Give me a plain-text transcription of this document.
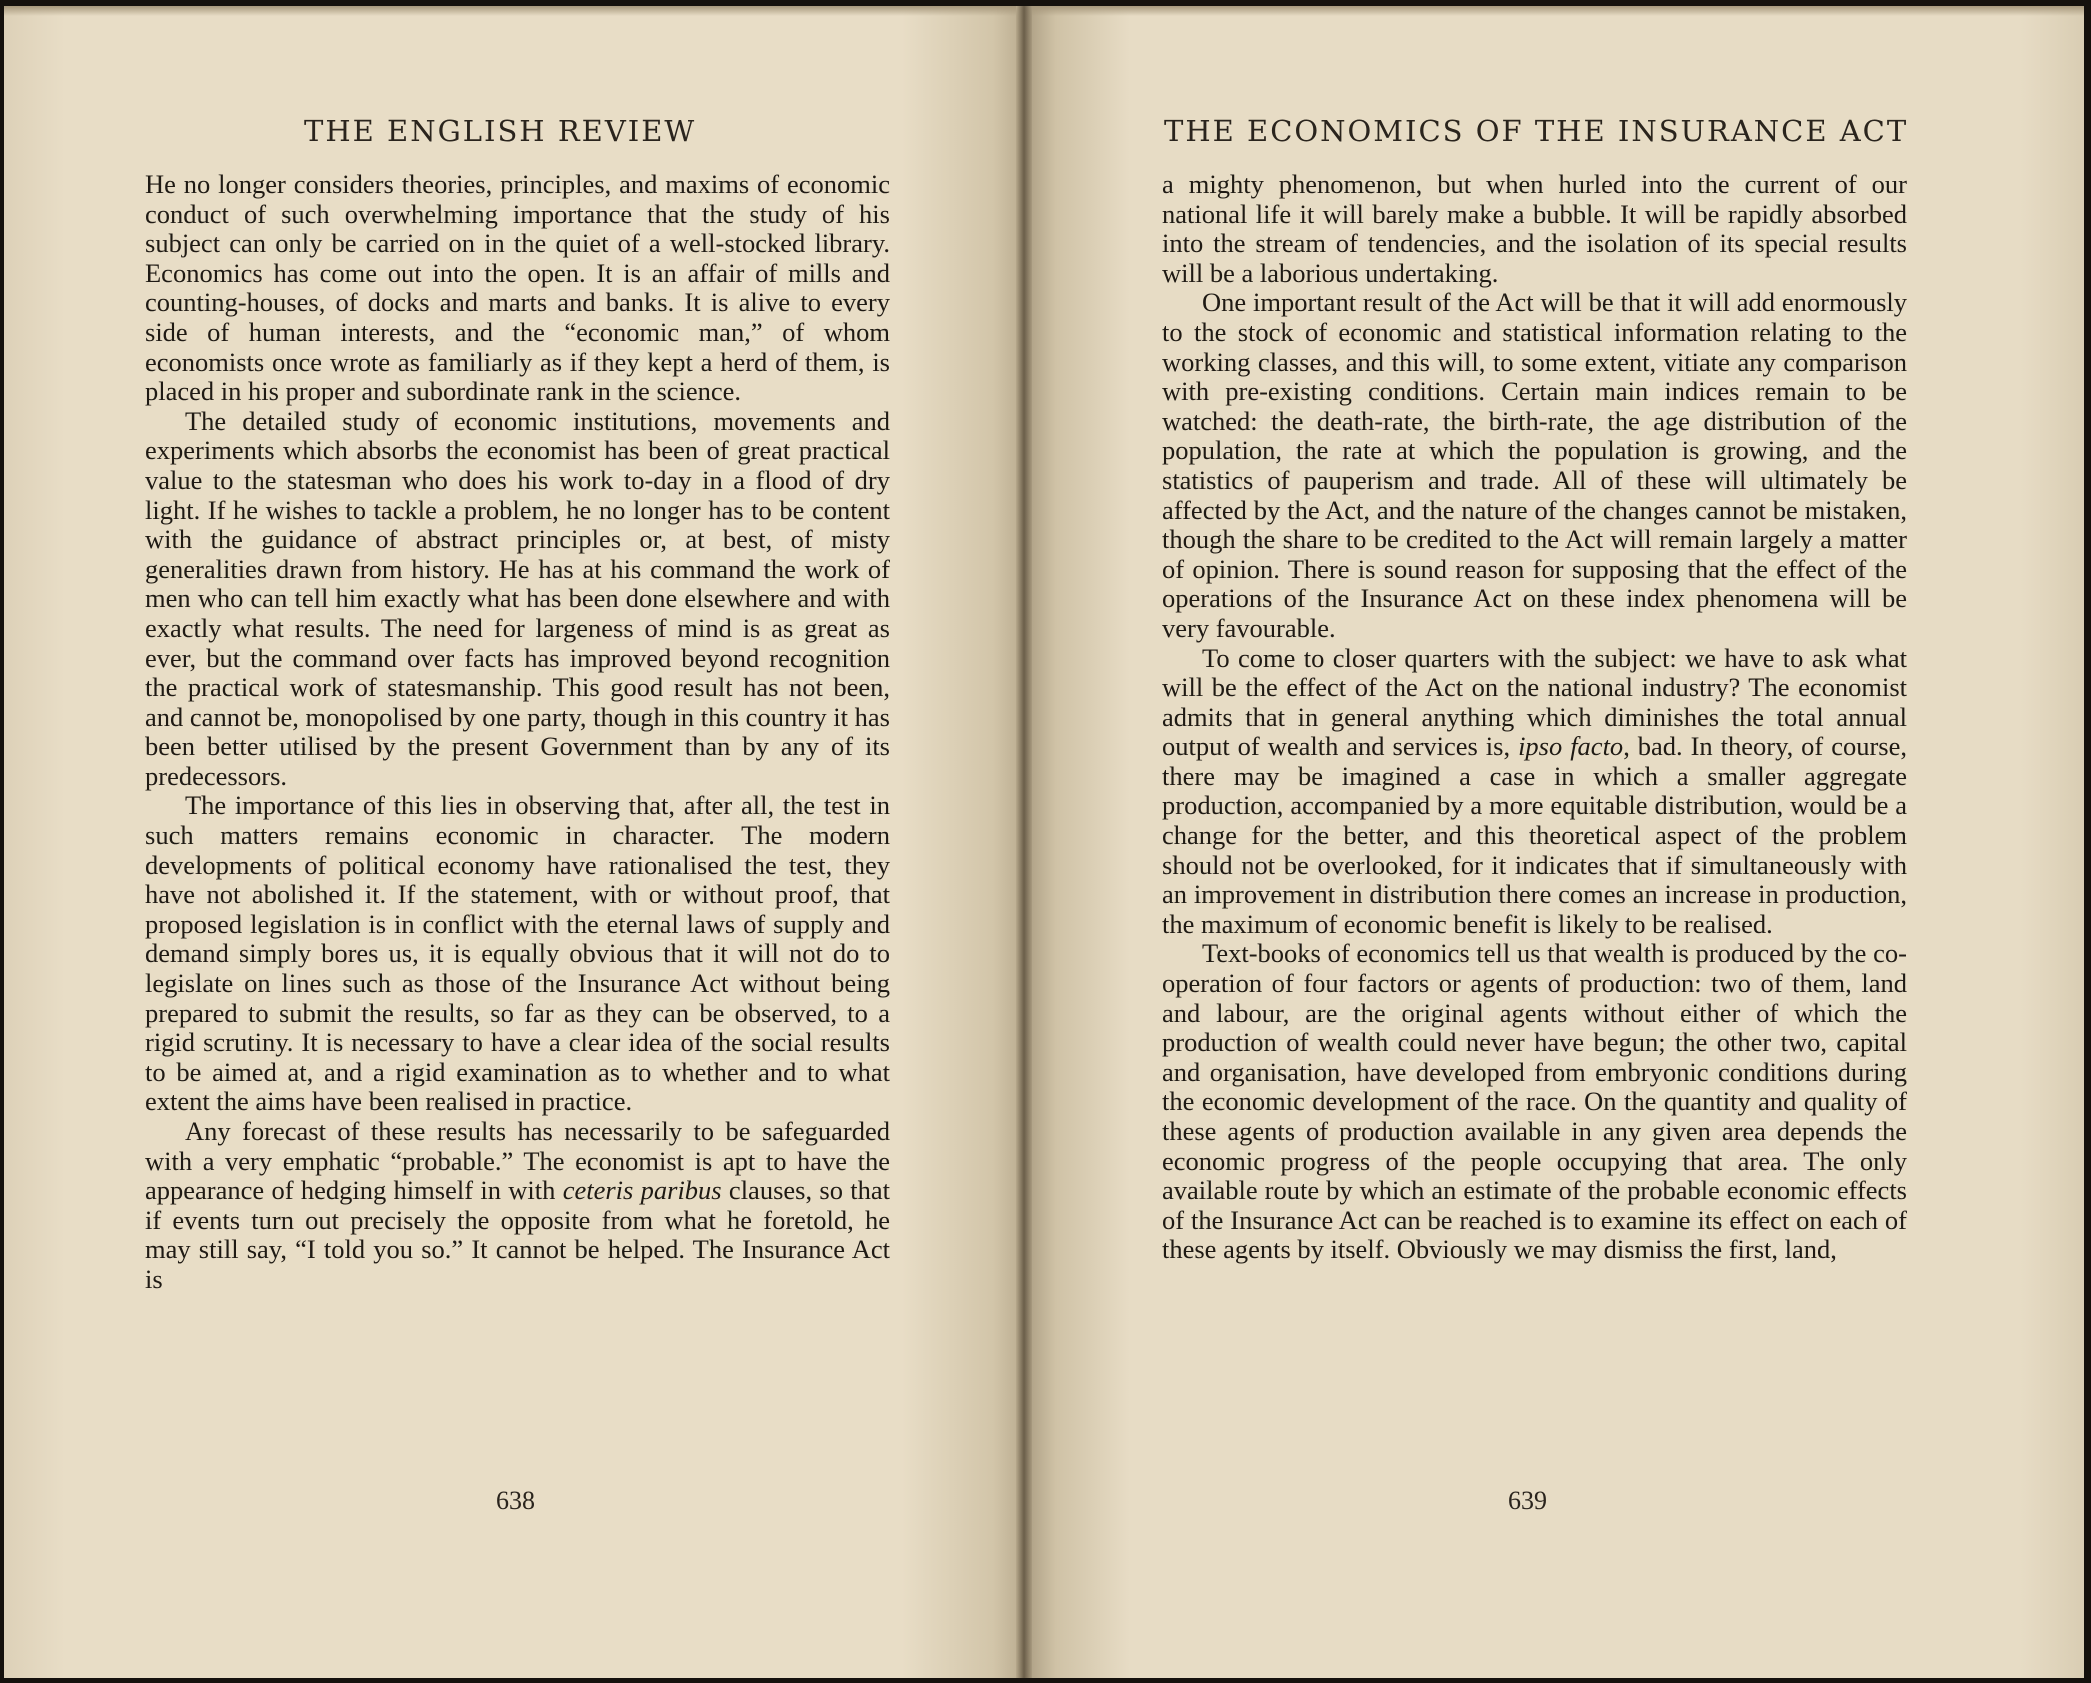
THE ENGLISH REVIEW

He no longer considers theories, principles, and maxims of economic conduct of such overwhelming importance that the study of his subject can only be carried on in the quiet of a well-stocked library. Economics has come out into the open. It is an affair of mills and counting-houses, of docks and marts and banks. It is alive to every side of human interests, and the “economic man,” of whom economists once wrote as familiarly as if they kept a herd of them, is placed in his proper and subordinate rank in the science.

The detailed study of economic institutions, movements and experiments which absorbs the economist has been of great practical value to the statesman who does his work to-day in a flood of dry light. If he wishes to tackle a problem, he no longer has to be content with the guidance of abstract principles or, at best, of misty generalities drawn from history. He has at his command the work of men who can tell him exactly what has been done elsewhere and with exactly what results. The need for largeness of mind is as great as ever, but the command over facts has improved beyond recognition the practical work of statesmanship. This good result has not been, and cannot be, monopolised by one party, though in this country it has been better utilised by the present Government than by any of its predecessors.

The importance of this lies in observing that, after all, the test in such matters remains economic in character. The modern developments of political economy have rationalised the test, they have not abolished it. If the statement, with or without proof, that proposed legislation is in conflict with the eternal laws of supply and demand simply bores us, it is equally obvious that it will not do to legislate on lines such as those of the Insurance Act without being prepared to submit the results, so far as they can be observed, to a rigid scrutiny. It is necessary to have a clear idea of the social results to be aimed at, and a rigid examination as to whether and to what extent the aims have been realised in practice.

Any forecast of these results has necessarily to be safeguarded with a very emphatic “probable.” The economist is apt to have the appearance of hedging himself in with ceteris paribus clauses, so that if events turn out precisely the opposite from what he foretold, he may still say, “I told you so.” It cannot be helped. The Insurance Act is

638
THE ECONOMICS OF THE INSURANCE ACT

a mighty phenomenon, but when hurled into the current of our national life it will barely make a bubble. It will be rapidly absorbed into the stream of tendencies, and the isolation of its special results will be a laborious undertaking.

One important result of the Act will be that it will add enormously to the stock of economic and statistical information relating to the working classes, and this will, to some extent, vitiate any comparison with pre-existing conditions. Certain main indices remain to be watched: the death-rate, the birth-rate, the age distribution of the population, the rate at which the population is growing, and the statistics of pauperism and trade. All of these will ultimately be affected by the Act, and the nature of the changes cannot be mistaken, though the share to be credited to the Act will remain largely a matter of opinion. There is sound reason for supposing that the effect of the operations of the Insurance Act on these index phenomena will be very favourable.

To come to closer quarters with the subject: we have to ask what will be the effect of the Act on the national industry? The economist admits that in general anything which diminishes the total annual output of wealth and services is, ipso facto, bad. In theory, of course, there may be imagined a case in which a smaller aggregate production, accompanied by a more equitable distribution, would be a change for the better, and this theoretical aspect of the problem should not be overlooked, for it indicates that if simultaneously with an improvement in distribution there comes an increase in production, the maximum of economic benefit is likely to be realised.

Text-books of economics tell us that wealth is produced by the co-operation of four factors or agents of production: two of them, land and labour, are the original agents without either of which the production of wealth could never have begun; the other two, capital and organisation, have developed from embryonic conditions during the economic development of the race. On the quantity and quality of these agents of production available in any given area depends the economic progress of the people occupying that area. The only available route by which an estimate of the probable economic effects of the Insurance Act can be reached is to examine its effect on each of these agents by itself. Obviously we may dismiss the first, land,

639
